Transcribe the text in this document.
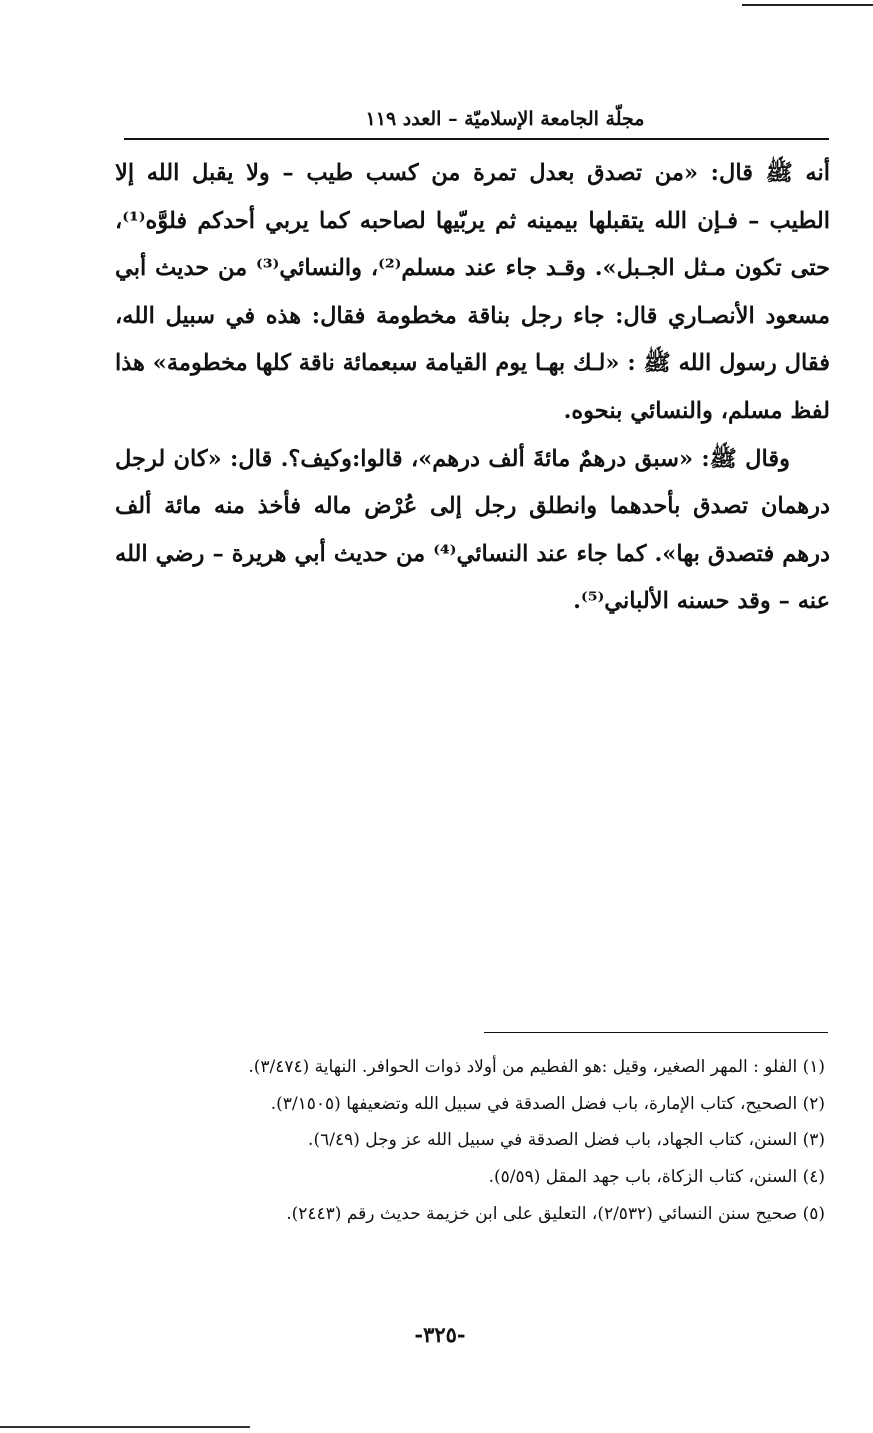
مجلّة الجامعة الإسلاميّة – العدد ١١٩

أنه ﷺ قال: «من تصدق بعدل تمرة من كسب طيب – ولا يقبل الله إلا الطيب – فـإن الله يتقبلها بيمينه ثم يربّيها لصاحبه كما يربي أحدكم فلوَّه⁽¹⁾، حتى تكون مـثل الجـبل». وقـد جاء عند مسلم⁽²⁾، والنسائي⁽³⁾ من حديث أبي مسعود الأنصـاري قال: جاء رجل بناقة مخطومة فقال: هذه في سبيل الله، فقال رسول الله ﷺ : «لـك بهـا يوم القيامة سبعمائة ناقة كلها مخطومة» هذا لفظ مسلم، والنسائي بنحوه.

وقال ﷺ: «سبق درهمٌ مائةَ ألف درهم»، قالوا:وكيف؟. قال: «كان لرجل درهمان تصدق بأحدهما وانطلق رجل إلى عُرْض ماله فأخذ منه مائة ألف درهم فتصدق بها». كما جاء عند النسائي⁽⁴⁾ من حديث أبي هريرة – رضي الله عنه – وقد حسنه الألباني⁽⁵⁾.

(١) الفلو : المهر الصغير، وقيل :هو الفطيم من أولاد ذوات الحوافر. النهاية (٣/٤٧٤).
(٢) الصحيح، كتاب الإمارة، باب فضل الصدقة في سبيل الله وتضعيفها (٣/١٥٠٥).
(٣) السنن، كتاب الجهاد، باب فضل الصدقة في سبيل الله عز وجل (٦/٤٩).
(٤) السنن، كتاب الزكاة، باب جهد المقل (٥/٥٩).
(٥) صحيح سنن النسائي (٢/٥٣٢)، التعليق على ابن خزيمة حديث رقم (٢٤٤٣).
-٣٢٥-
